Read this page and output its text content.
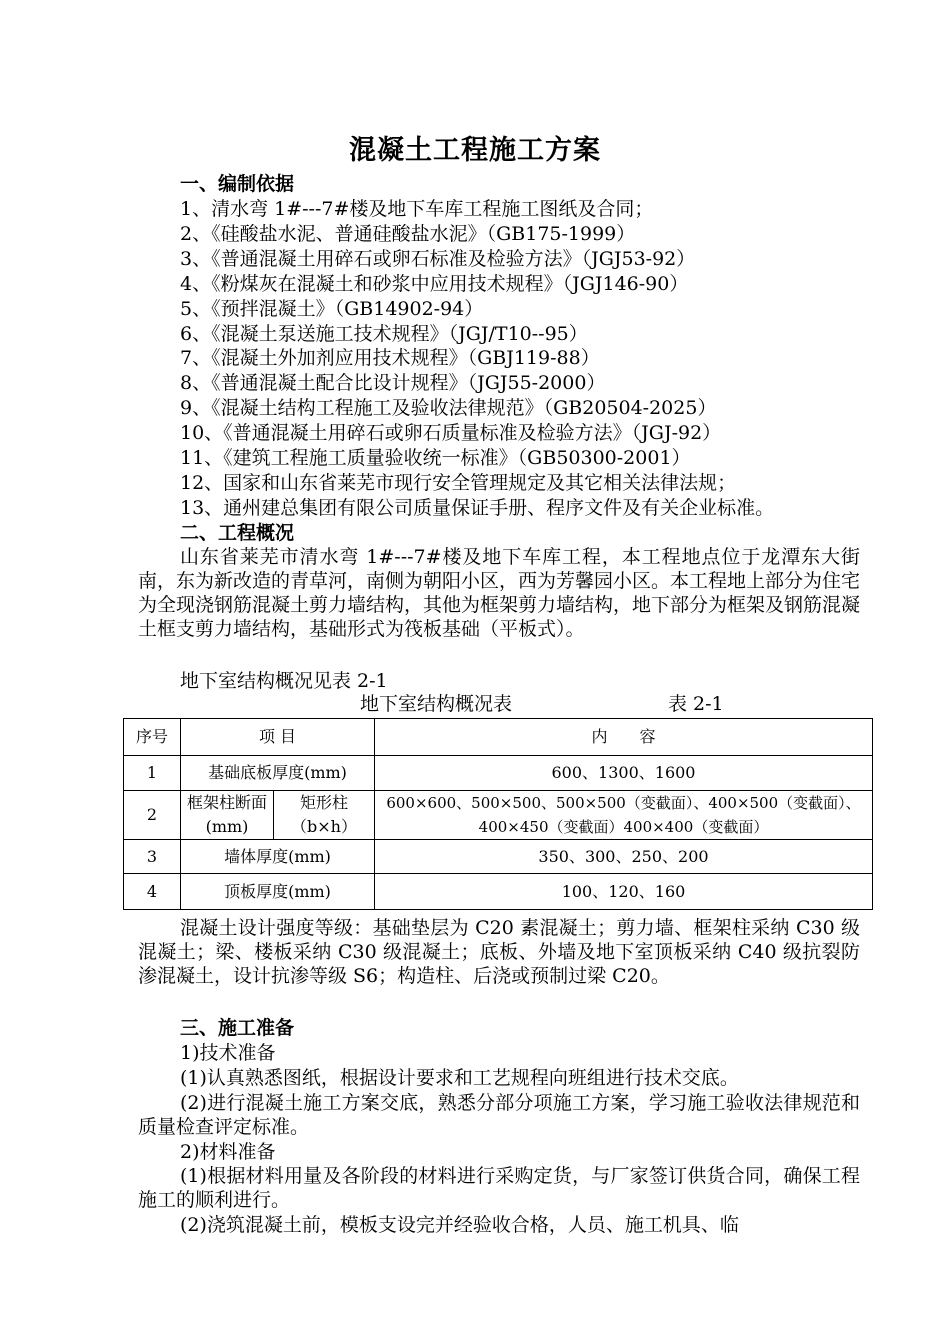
混凝土工程施工方案
一、编制依据
1、清水弯 1#---7#楼及地下车库工程施工图纸及合同；
2、《硅酸盐水泥、普通硅酸盐水泥》（GB175-1999）
3、《普通混凝土用碎石或卵石标准及检验方法》（JGJ53-92）
4、《粉煤灰在混凝土和砂浆中应用技术规程》（JGJ146-90）
5、《预拌混凝土》（GB14902-94）
6、《混凝土泵送施工技术规程》（JGJ/T10--95）
7、《混凝土外加剂应用技术规程》（GBJ119-88）
8、《普通混凝土配合比设计规程》（JGJ55-2000）
9、《混凝土结构工程施工及验收法律规范》（GB20504-2025）
10、《普通混凝土用碎石或卵石质量标准及检验方法》（JGJ-92）
11、《建筑工程施工质量验收统一标准》（GB50300-2001）
12、国家和山东省莱芜市现行安全管理规定及其它相关法律法规；
13、通州建总集团有限公司质量保证手册、程序文件及有关企业标准。
二、工程概况
山东省莱芜市清水弯 1#---7#楼及地下车库工程，本工程地点位于龙潭东大街南，东为新改造的青草河，南侧为朝阳小区，西为芳馨园小区。本工程地上部分为住宅为全现浇钢筋混凝土剪力墙结构，其他为框架剪力墙结构，地下部分为框架及钢筋混凝土框支剪力墙结构，基础形式为筏板基础（平板式）。
地下室结构概况见表 2-1
地下室结构概况表	表 2-1
序号	项 目		内　　容
1	基础底板厚度(mm)		600、1300、1600
2	框架柱断面 (mm)	矩形柱（b×h）	600×600、500×500、500×500（变截面）、400×500（变截面）、400×450（变截面）400×400（变截面）
3	墙体厚度(mm)		350、300、250、200
4	顶板厚度(mm)		100、120、160
混凝土设计强度等级：基础垫层为 C20 素混凝土；剪力墙、框架柱采纳 C30 级混凝土；梁、楼板采纳 C30 级混凝土；底板、外墙及地下室顶板采纳 C40 级抗裂防渗混凝土，设计抗渗等级 S6；构造柱、后浇或预制过梁 C20。
三、施工准备
1)技术准备
(1)认真熟悉图纸，根据设计要求和工艺规程向班组进行技术交底。
(2)进行混凝土施工方案交底，熟悉分部分项施工方案，学习施工验收法律规范和质量检查评定标准。
2)材料准备
(1)根据材料用量及各阶段的材料进行采购定货，与厂家签订供货合同，确保工程施工的顺利进行。
(2)浇筑混凝土前，模板支设完并经验收合格，人员、施工机具、临
